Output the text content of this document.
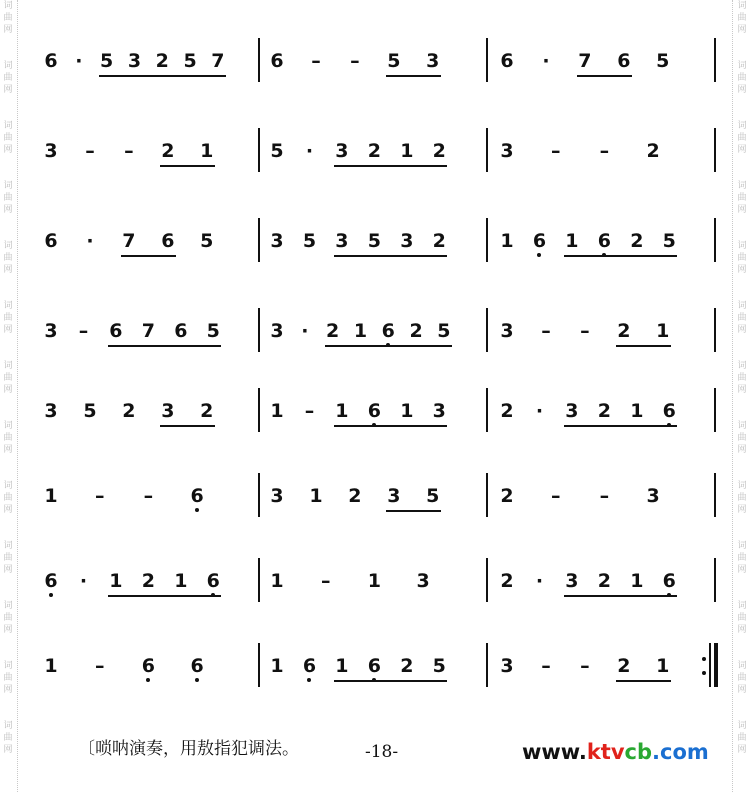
词
曲
网
词
曲
网
词
曲
网
词
曲
网
词
曲
网
词
曲
网
词
曲
网
词
曲
网
词
曲
网
词
曲
网
词
曲
网
词
曲
网
词
曲
网
词
曲
网
词
曲
网
词
曲
网
词
曲
网
词
曲
网
词
曲
网
词
曲
网
词
曲
网
词
曲
网
词
曲
网
词
曲
网
词
曲
网
词
曲
网
6 · 5 3 2 5 7 6 – – 5 3	6 · 7 6 5
3 – – 2 1	5 · 3 2 1 2	3 – – 2
6 · 7 6 5	3 5 3 5 3 2	1 6 1 6 2 5
3 – 6 7 6 5	3 · 2 1 6 2 5	3 – – 2 1
3 5 2 3 2	1 – 1 6 1 3	2 · 3 2 1 6
1 – – 6	3 1 2 3 5	2 – – 3
6 · 1 2 1 6	1 – 1 3	2 · 3 2 1 6
1 – 6 6	1 6 1 6 2 5	3 – – 2 1
〔唢呐演奏，用敖指犯调法。	-18-	www.ktvcb.com
